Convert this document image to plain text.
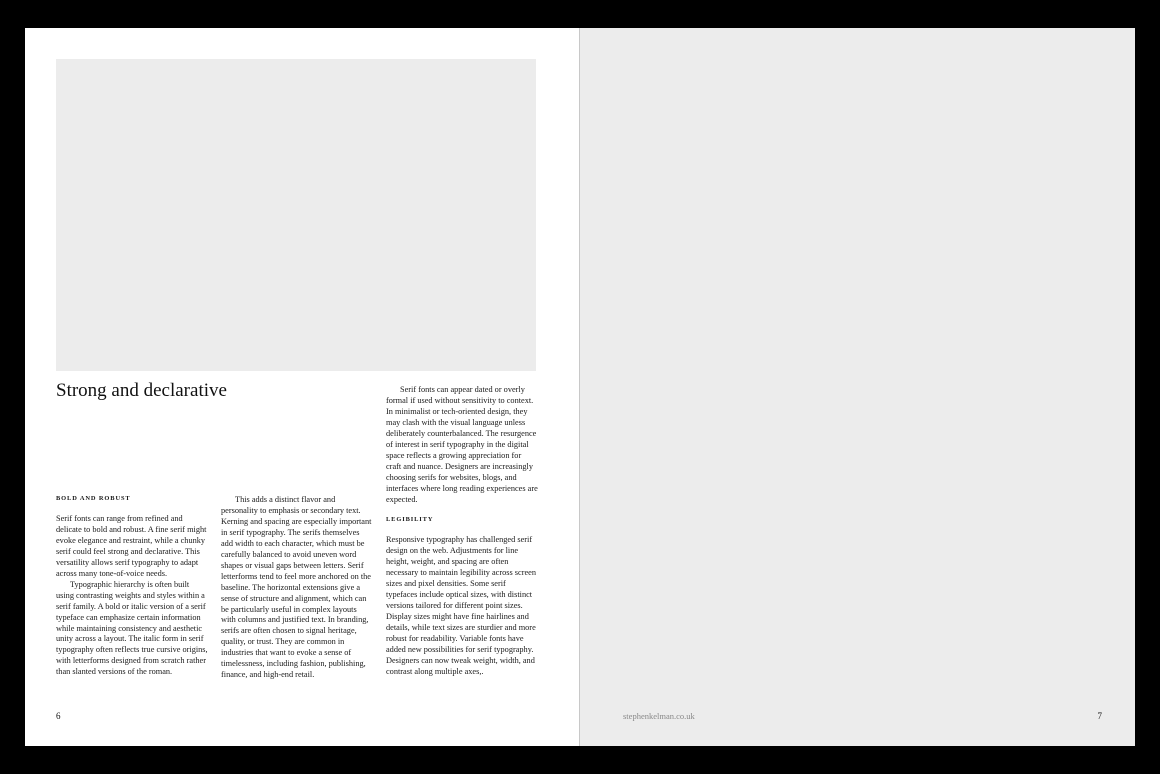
Strong and declarative
BOLD AND ROBUST

Serif fonts can range from refined and delicate to bold and robust. A fine serif might evoke elegance and restraint, while a chunky serif could feel strong and declarative. This versatility allows serif typography to adapt across many tone-of-voice needs.

Typographic hierarchy is often built using contrasting weights and styles within a serif family. A bold or italic version of a serif typeface can emphasize certain information while maintaining consistency and aesthetic unity across a layout. The italic form in serif typography often reflects true cursive origins, with letterforms designed from scratch rather than slanted versions of the roman.

This adds a distinct flavor and personality to emphasis or secondary text. Kerning and spacing are especially important in serif typography. The serifs themselves add width to each character, which must be carefully balanced to avoid uneven word shapes or visual gaps between letters. Serif letterforms tend to feel more anchored on the baseline. The horizontal extensions give a sense of structure and alignment, which can be particularly useful in complex layouts with columns and justified text. In branding, serifs are often chosen to signal heritage, quality, or trust. They are common in industries that want to evoke a sense of timelessness, including fashion, publishing, finance, and high-end retail.

Serif fonts can appear dated or overly formal if used without sensitivity to context. In minimalist or tech-oriented design, they may clash with the visual language unless deliberately counterbalanced. The resurgence of interest in serif typography in the digital space reflects a growing appreciation for craft and nuance. Designers are increasingly choosing serifs for websites, blogs, and interfaces where long reading experiences are expected.

LEGIBILITY

Responsive typography has challenged serif design on the web. Adjustments for line height, weight, and spacing are often necessary to maintain legibility across screen sizes and pixel densities. Some serif typefaces include optical sizes, with distinct versions tailored for different point sizes. Display sizes might have fine hairlines and details, while text sizes are sturdier and more robust for readability. Variable fonts have added new possibilities for serif typography. Designers can now tweak weight, width, and contrast along multiple axes,.

6	stephenkelman.co.uk	7
